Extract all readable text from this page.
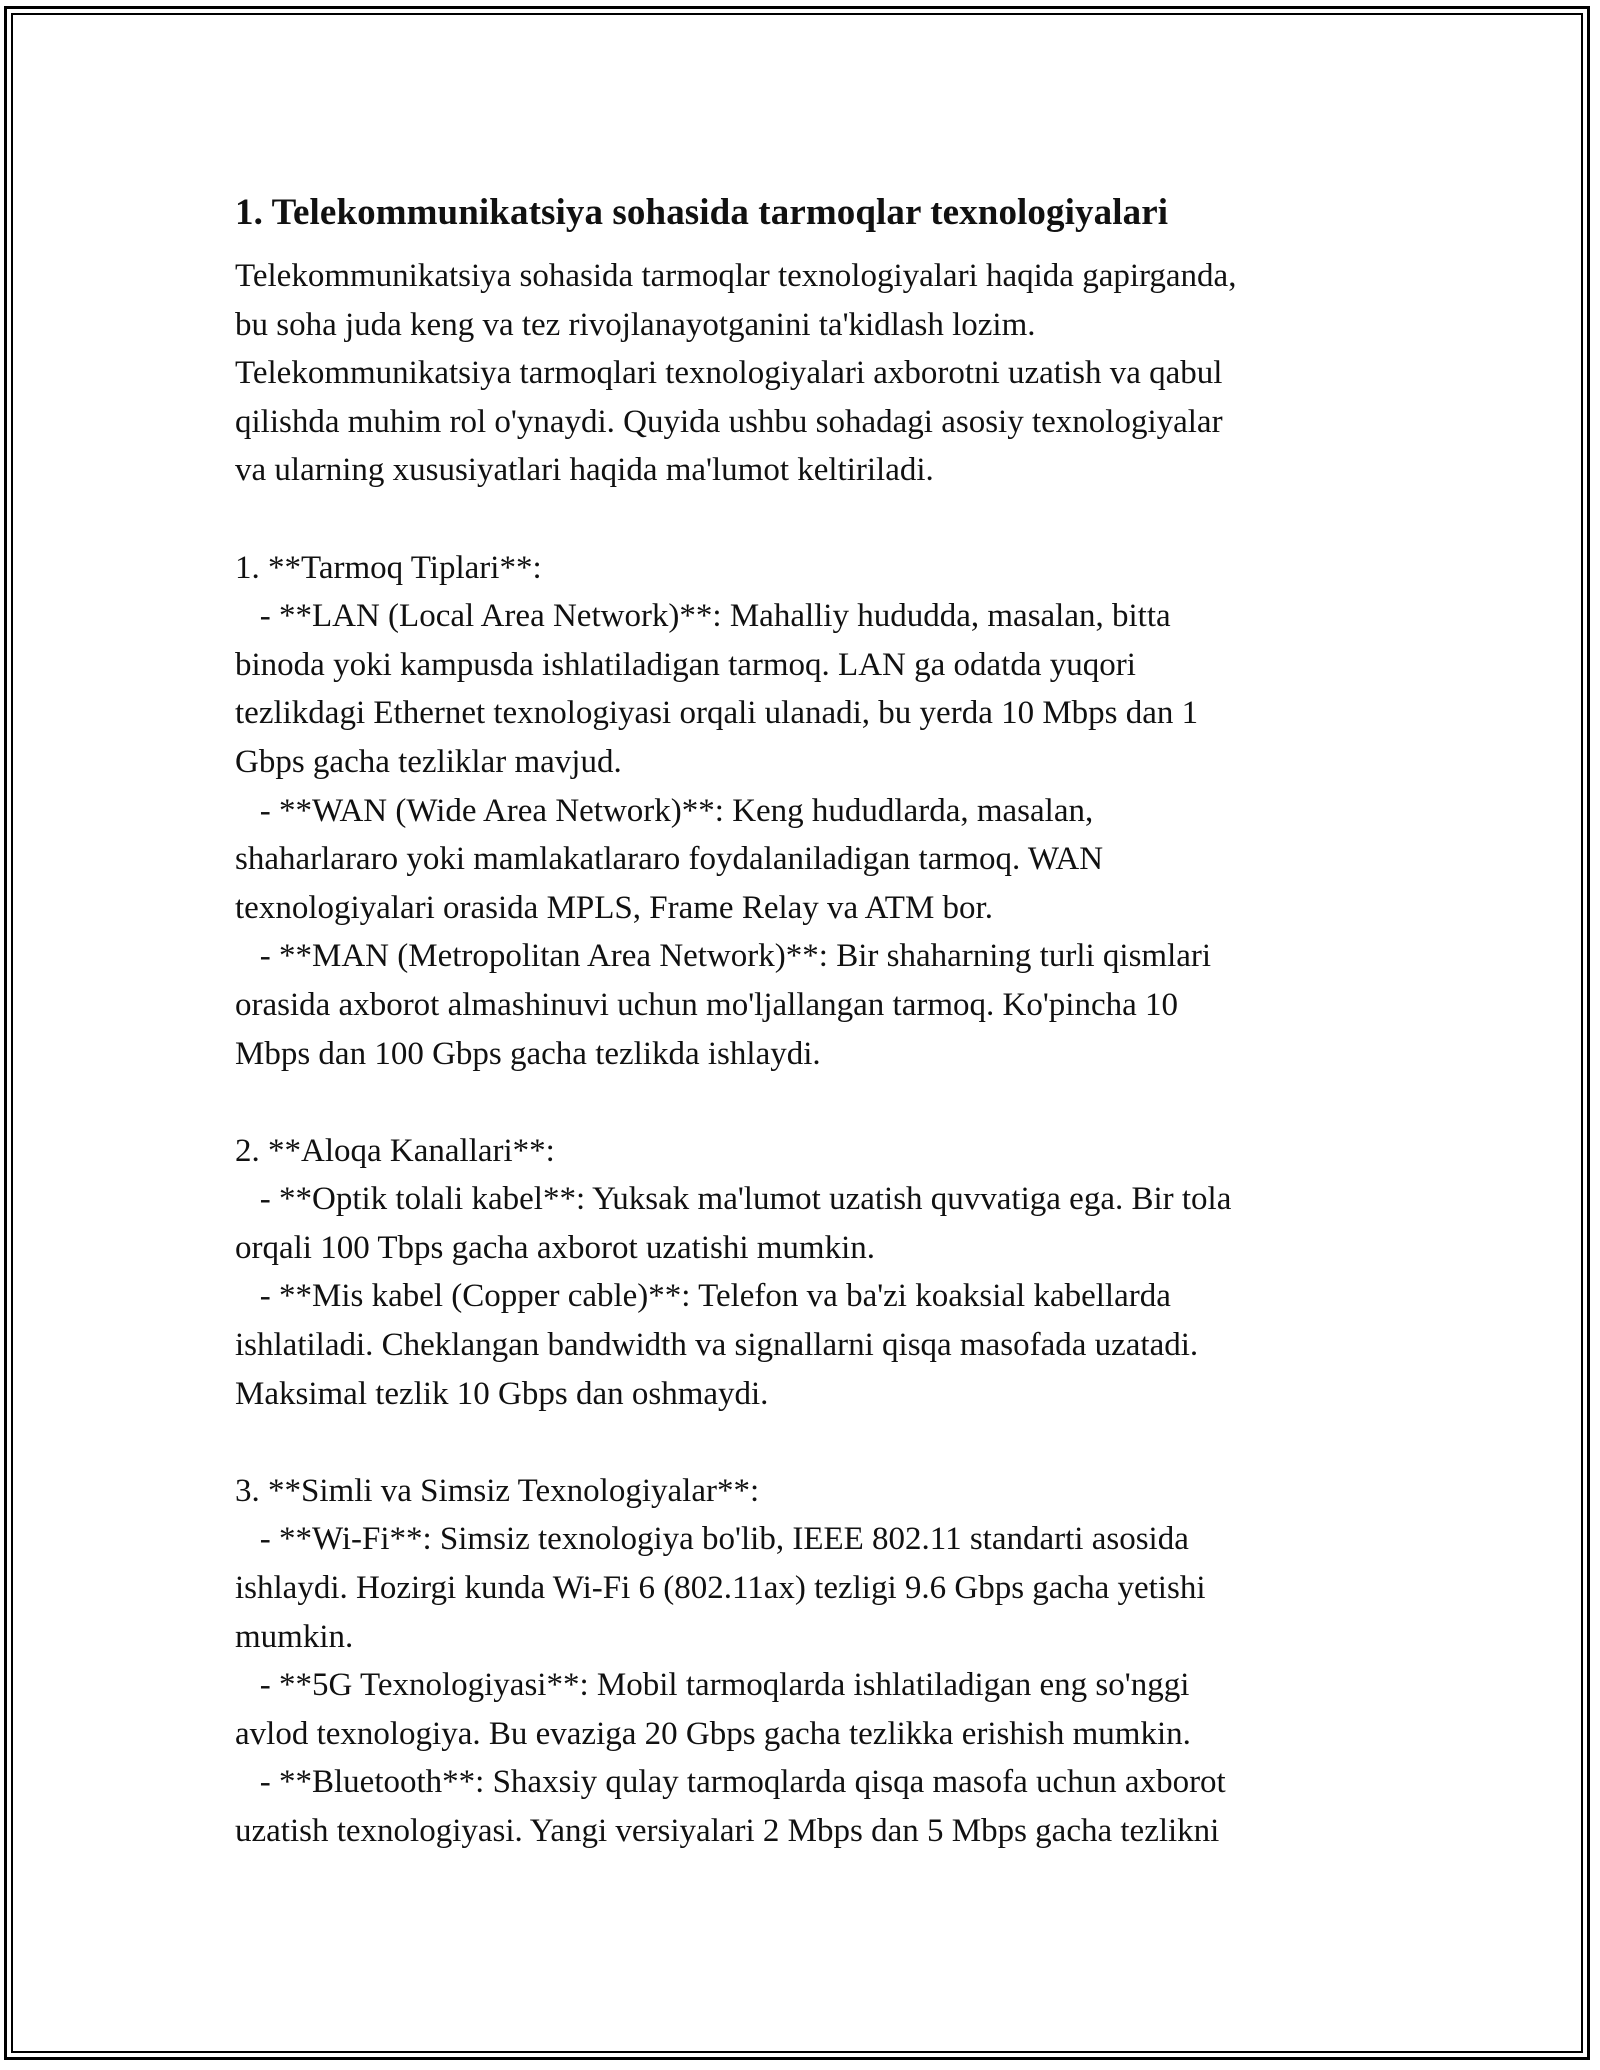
1. Telekommunikatsiya sohasida tarmoqlar texnologiyalari
Telekommunikatsiya sohasida tarmoqlar texnologiyalari haqida gapirganda,
bu soha juda keng va tez rivojlanayotganini ta'kidlash lozim.
Telekommunikatsiya tarmoqlari texnologiyalari axborotni uzatish va qabul
qilishda muhim rol o'ynaydi. Quyida ushbu sohadagi asosiy texnologiyalar
va ularning xususiyatlari haqida ma'lumot keltiriladi.

1. **Tarmoq Tiplari**:
- **LAN (Local Area Network)**: Mahalliy hududda, masalan, bitta
binoda yoki kampusda ishlatiladigan tarmoq. LAN ga odatda yuqori
tezlikdagi Ethernet texnologiyasi orqali ulanadi, bu yerda 10 Mbps dan 1
Gbps gacha tezliklar mavjud.
- **WAN (Wide Area Network)**: Keng hududlarda, masalan,
shaharlararo yoki mamlakatlararo foydalaniladigan tarmoq. WAN
texnologiyalari orasida MPLS, Frame Relay va ATM bor.
- **MAN (Metropolitan Area Network)**: Bir shaharning turli qismlari
orasida axborot almashinuvi uchun mo'ljallangan tarmoq. Ko'pincha 10
Mbps dan 100 Gbps gacha tezlikda ishlaydi.

2. **Aloqa Kanallari**:
- **Optik tolali kabel**: Yuksak ma'lumot uzatish quvvatiga ega. Bir tola
orqali 100 Tbps gacha axborot uzatishi mumkin.
- **Mis kabel (Copper cable)**: Telefon va ba'zi koaksial kabellarda
ishlatiladi. Cheklangan bandwidth va signallarni qisqa masofada uzatadi.
Maksimal tezlik 10 Gbps dan oshmaydi.

3. **Simli va Simsiz Texnologiyalar**:
- **Wi-Fi**: Simsiz texnologiya bo'lib, IEEE 802.11 standarti asosida
ishlaydi. Hozirgi kunda Wi-Fi 6 (802.11ax) tezligi 9.6 Gbps gacha yetishi
mumkin.
- **5G Texnologiyasi**: Mobil tarmoqlarda ishlatiladigan eng so'nggi
avlod texnologiya. Bu evaziga 20 Gbps gacha tezlikka erishish mumkin.
- **Bluetooth**: Shaxsiy qulay tarmoqlarda qisqa masofa uchun axborot
uzatish texnologiyasi. Yangi versiyalari 2 Mbps dan 5 Mbps gacha tezlikni
